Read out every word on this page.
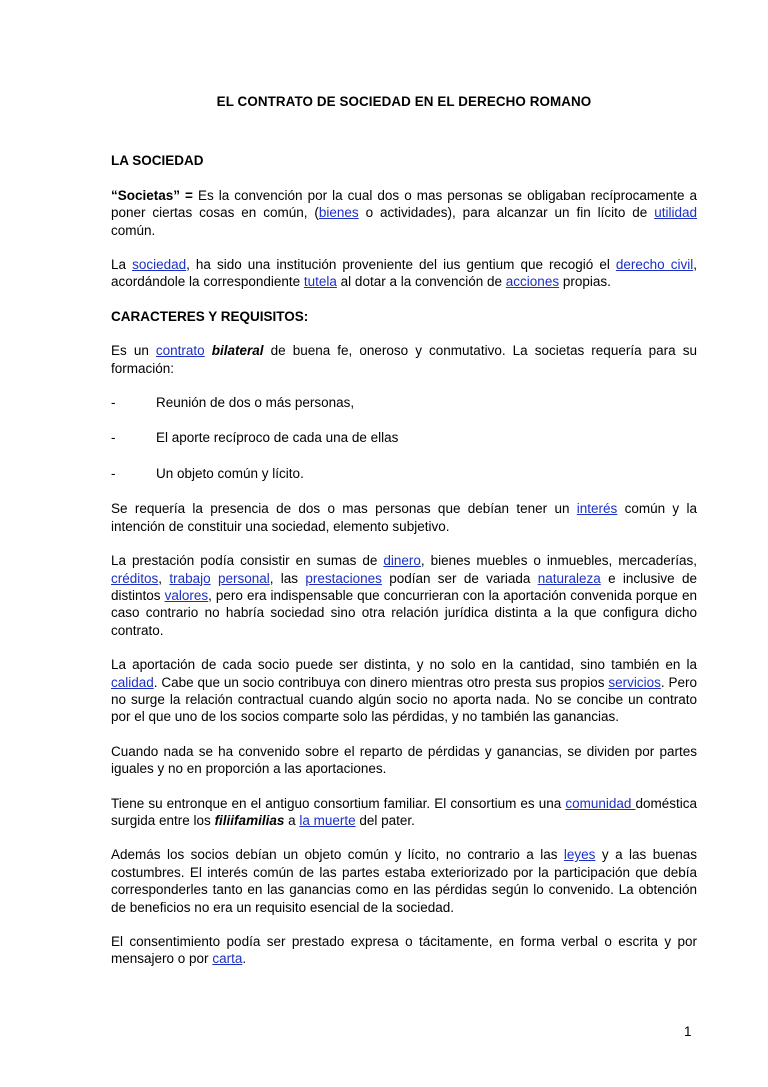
EL CONTRATO DE SOCIEDAD EN EL DERECHO ROMANO
LA SOCIEDAD

“Societas” = Es la convención por la cual dos o mas personas se obligaban recíprocamente a poner ciertas cosas en común, (bienes o actividades), para alcanzar un fin lícito de utilidad común.

La sociedad, ha sido una institución proveniente del ius gentium que recogió el derecho civil, acordándole la correspondiente tutela al dotar a la convención de acciones propias.

CARACTERES Y REQUISITOS:

Es un contrato bilateral de buena fe, oneroso y conmutativo. La societas requería para su formación:

-	Reunión de dos o más personas,
-	El aporte recíproco de cada una de ellas
-	Un objeto común y lícito.

Se requería la presencia de dos o mas personas que debían tener un interés común y la intención de constituir una sociedad, elemento subjetivo.

La prestación podía consistir en sumas de dinero, bienes muebles o inmuebles, mercaderías, créditos, trabajo personal, las prestaciones podían ser de variada naturaleza e inclusive de distintos valores, pero era indispensable que concurrieran con la aportación convenida porque en caso contrario no habría sociedad sino otra relación jurídica distinta a la que configura dicho contrato.

La aportación de cada socio puede ser distinta, y no solo en la cantidad, sino también en la calidad. Cabe que un socio contribuya con dinero mientras otro presta sus propios servicios. Pero no surge la relación contractual cuando algún socio no aporta nada. No se concibe un contrato por el que uno de los socios comparte solo las pérdidas, y no también las ganancias.

Cuando nada se ha convenido sobre el reparto de pérdidas y ganancias, se dividen por partes iguales y no en proporción a las aportaciones.

Tiene su entronque en el antiguo consortium familiar. El consortium es una comunidad doméstica surgida entre los filiifamilias a la muerte del pater.

Además los socios debían un objeto común y lícito, no contrario a las leyes y a las buenas costumbres. El interés común de las partes estaba exteriorizado por la participación que debía corresponderles tanto en las ganancias como en las pérdidas según lo convenido. La obtención de beneficios no era un requisito esencial de la sociedad.

El consentimiento podía ser prestado expresa o tácitamente, en forma verbal o escrita y por mensajero o por carta.

1
